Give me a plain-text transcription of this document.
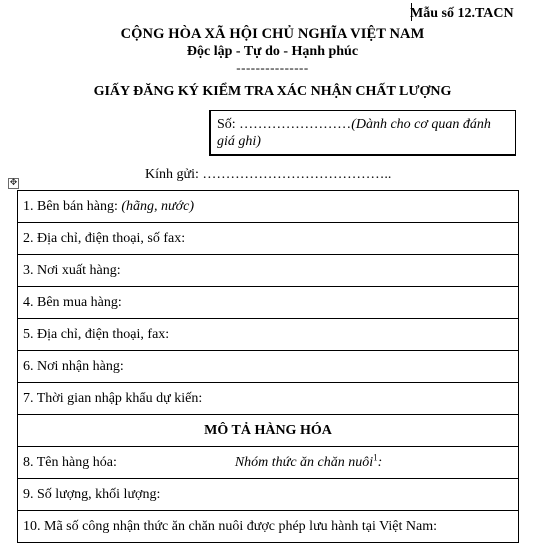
Mẫu số 12.TACN
CỘNG HÒA XÃ HỘI CHỦ NGHĨA VIỆT NAM
Độc lập - Tự do - Hạnh phúc
---------------
GIẤY ĐĂNG KÝ KIỂM TRA XÁC NHẬN CHẤT LƯỢNG
Số: ……………………(Dành cho cơ quan đánh giá ghi)
Kính gửi: …………………………………..
✥
1. Bên bán hàng: (hãng, nước)
2. Địa chỉ, điện thoại, số fax:
3. Nơi xuất hàng:
4. Bên mua hàng:
5. Địa chỉ, điện thoại, fax:
6. Nơi nhận hàng:
7. Thời gian nhập khẩu dự kiến:
MÔ TẢ HÀNG HÓA
8. Tên hàng hóa:	Nhóm thức ăn chăn nuôi$^1$:
9. Số lượng, khối lượng:
10. Mã số công nhận thức ăn chăn nuôi được phép lưu hành tại Việt Nam:
